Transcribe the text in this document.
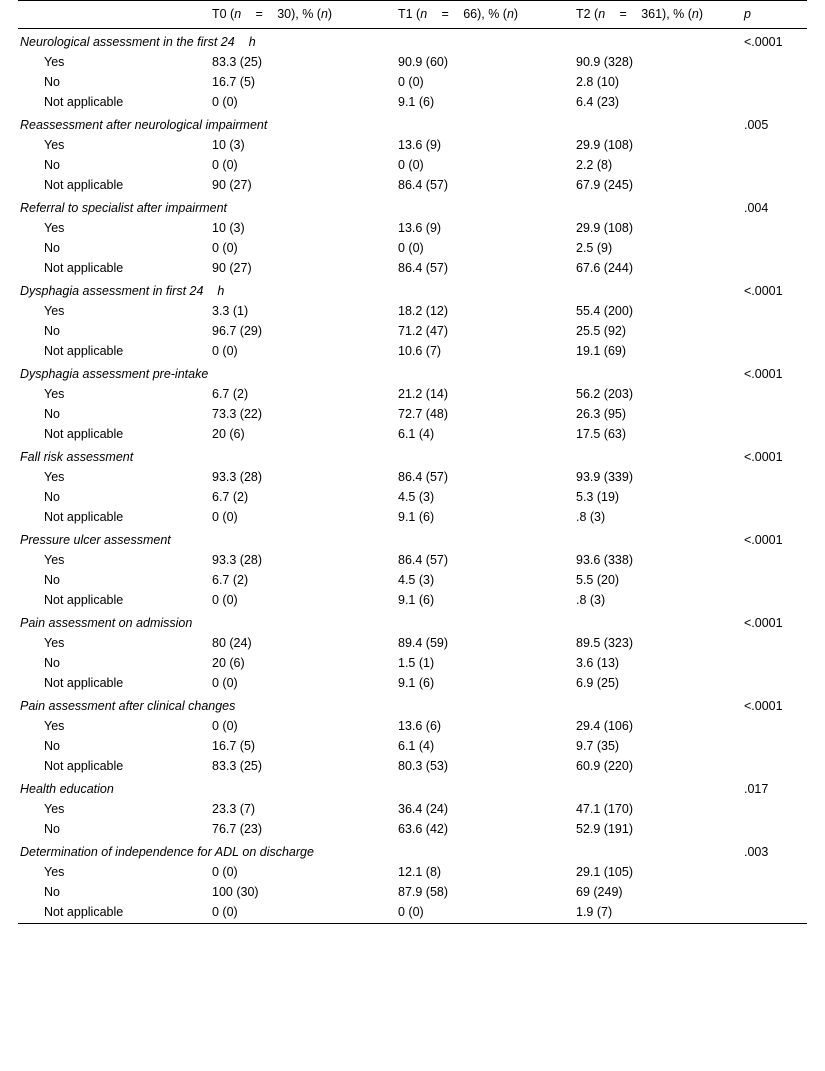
	T0 (n = 30), % (n)	T1 (n = 66), % (n)	T2 (n = 361), % (n)	p
Neurological assessment in the first 24 h				<.0001
Yes	83.3 (25)	90.9 (60)	90.9 (328)	
No	16.7 (5)	0 (0)	2.8 (10)	
Not applicable	0 (0)	9.1 (6)	6.4 (23)	
Reassessment after neurological impairment				.005
Yes	10 (3)	13.6 (9)	29.9 (108)	
No	0 (0)	0 (0)	2.2 (8)	
Not applicable	90 (27)	86.4 (57)	67.9 (245)	
Referral to specialist after impairment				.004
Yes	10 (3)	13.6 (9)	29.9 (108)	
No	0 (0)	0 (0)	2.5 (9)	
Not applicable	90 (27)	86.4 (57)	67.6 (244)	
Dysphagia assessment in first 24 h				<.0001
Yes	3.3 (1)	18.2 (12)	55.4 (200)	
No	96.7 (29)	71.2 (47)	25.5 (92)	
Not applicable	0 (0)	10.6 (7)	19.1 (69)	
Dysphagia assessment pre-intake				<.0001
Yes	6.7 (2)	21.2 (14)	56.2 (203)	
No	73.3 (22)	72.7 (48)	26.3 (95)	
Not applicable	20 (6)	6.1 (4)	17.5 (63)	
Fall risk assessment				<.0001
Yes	93.3 (28)	86.4 (57)	93.9 (339)	
No	6.7 (2)	4.5 (3)	5.3 (19)	
Not applicable	0 (0)	9.1 (6)	.8 (3)	
Pressure ulcer assessment				<.0001
Yes	93.3 (28)	86.4 (57)	93.6 (338)	
No	6.7 (2)	4.5 (3)	5.5 (20)	
Not applicable	0 (0)	9.1 (6)	.8 (3)	
Pain assessment on admission				<.0001
Yes	80 (24)	89.4 (59)	89.5 (323)	
No	20 (6)	1.5 (1)	3.6 (13)	
Not applicable	0 (0)	9.1 (6)	6.9 (25)	
Pain assessment after clinical changes				<.0001
Yes	0 (0)	13.6 (6)	29.4 (106)	
No	16.7 (5)	6.1 (4)	9.7 (35)	
Not applicable	83.3 (25)	80.3 (53)	60.9 (220)	
Health education				.017
Yes	23.3 (7)	36.4 (24)	47.1 (170)	
No	76.7 (23)	63.6 (42)	52.9 (191)	
Determination of independence for ADL on discharge				.003
Yes	0 (0)	12.1 (8)	29.1 (105)	
No	100 (30)	87.9 (58)	69 (249)	
Not applicable	0 (0)	0 (0)	1.9 (7)	
